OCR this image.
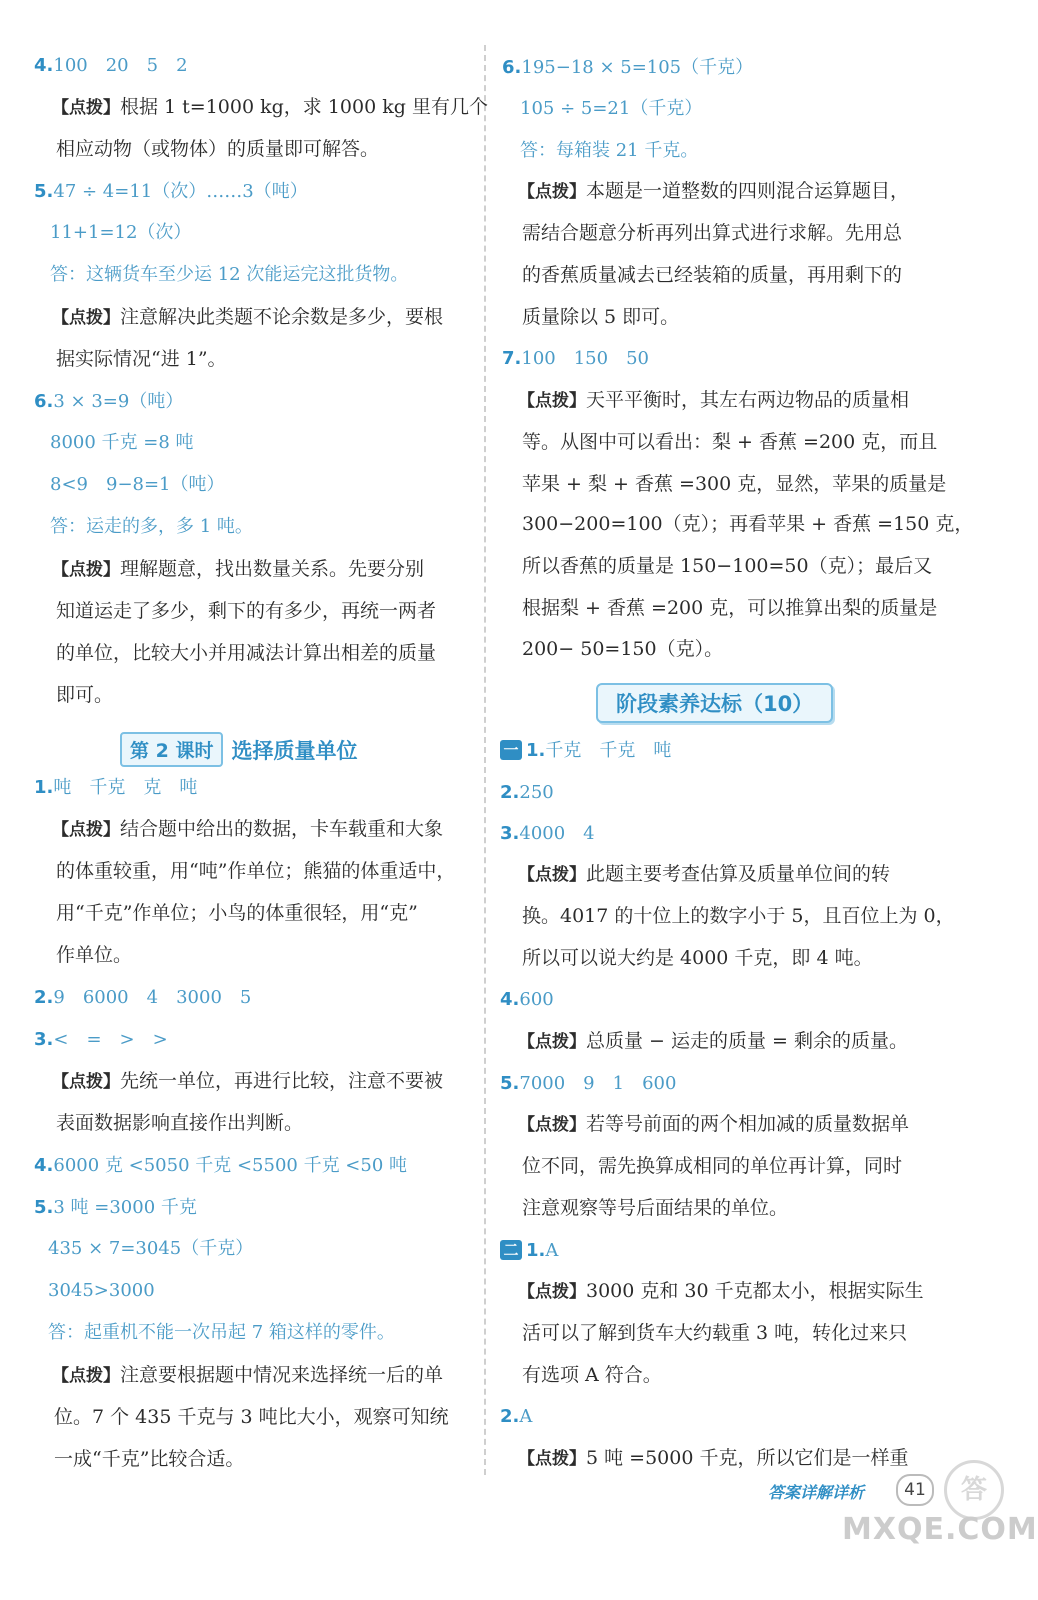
4.100　20　5　2
【点拨】根据 1 t=1000 kg，求 1000 kg 里有几个
相应动物（或物体）的质量即可解答。
5.47 ÷ 4=11（次）……3（吨）
11+1=12（次）
答：这辆货车至少运 12 次能运完这批货物。
【点拨】注意解决此类题不论余数是多少，要根
据实际情况“进 1”。
6.3 × 3=9（吨）
8000 千克 =8 吨
8<9　9−8=1（吨）
答：运走的多，多 1 吨。
【点拨】理解题意，找出数量关系。先要分别
知道运走了多少，剩下的有多少，再统一两者
的单位，比较大小并用减法计算出相差的质量
即可。
第 2 课时 选择质量单位
1.吨　千克　克　吨
【点拨】结合题中给出的数据，卡车载重和大象
的体重较重，用“吨”作单位；熊猫的体重适中，
用“千克”作单位；小鸟的体重很轻，用“克”
作单位。
2.9　6000　4　3000　5
3.<　=　>　>
【点拨】先统一单位，再进行比较，注意不要被
表面数据影响直接作出判断。
4.6000 克 <5050 千克 <5500 千克 <50 吨
5.3 吨 =3000 千克
435 × 7=3045（千克）
3045>3000
答：起重机不能一次吊起 7 箱这样的零件。
【点拨】注意要根据题中情况来选择统一后的单
位。7 个 435 千克与 3 吨比大小，观察可知统
一成“千克”比较合适。
6.195−18 × 5=105（千克）
105 ÷ 5=21（千克）
答：每箱装 21 千克。
【点拨】本题是一道整数的四则混合运算题目，
需结合题意分析再列出算式进行求解。先用总
的香蕉质量减去已经装箱的质量，再用剩下的
质量除以 5 即可。
7.100　150　50
【点拨】天平平衡时，其左右两边物品的质量相
等。从图中可以看出：梨 + 香蕉 =200 克，而且
苹果 + 梨 + 香蕉 =300 克，显然，苹果的质量是
300−200=100（克）；再看苹果 + 香蕉 =150 克，
所以香蕉的质量是 150−100=50（克）；最后又
根据梨 + 香蕉 =200 克，可以推算出梨的质量是
200− 50=150（克）。
阶段素养达标（10）
一 1.千克　千克　吨
2.250
3.4000　4
【点拨】此题主要考查估算及质量单位间的转
换。4017 的十位上的数字小于 5，且百位上为 0，
所以可以说大约是 4000 千克，即 4 吨。
4.600
【点拨】总质量 − 运走的质量 = 剩余的质量。
5.7000　9　1　600
【点拨】若等号前面的两个相加减的质量数据单
位不同，需先换算成相同的单位再计算，同时
注意观察等号后面结果的单位。
二 1.A
【点拨】3000 克和 30 千克都太小，根据实际生
活可以了解到货车大约载重 3 吨，转化过来只
有选项 A 符合。
2.A
【点拨】5 吨 =5000 千克，所以它们是一样重
答案详解详析	41	答
MXQE.COM
